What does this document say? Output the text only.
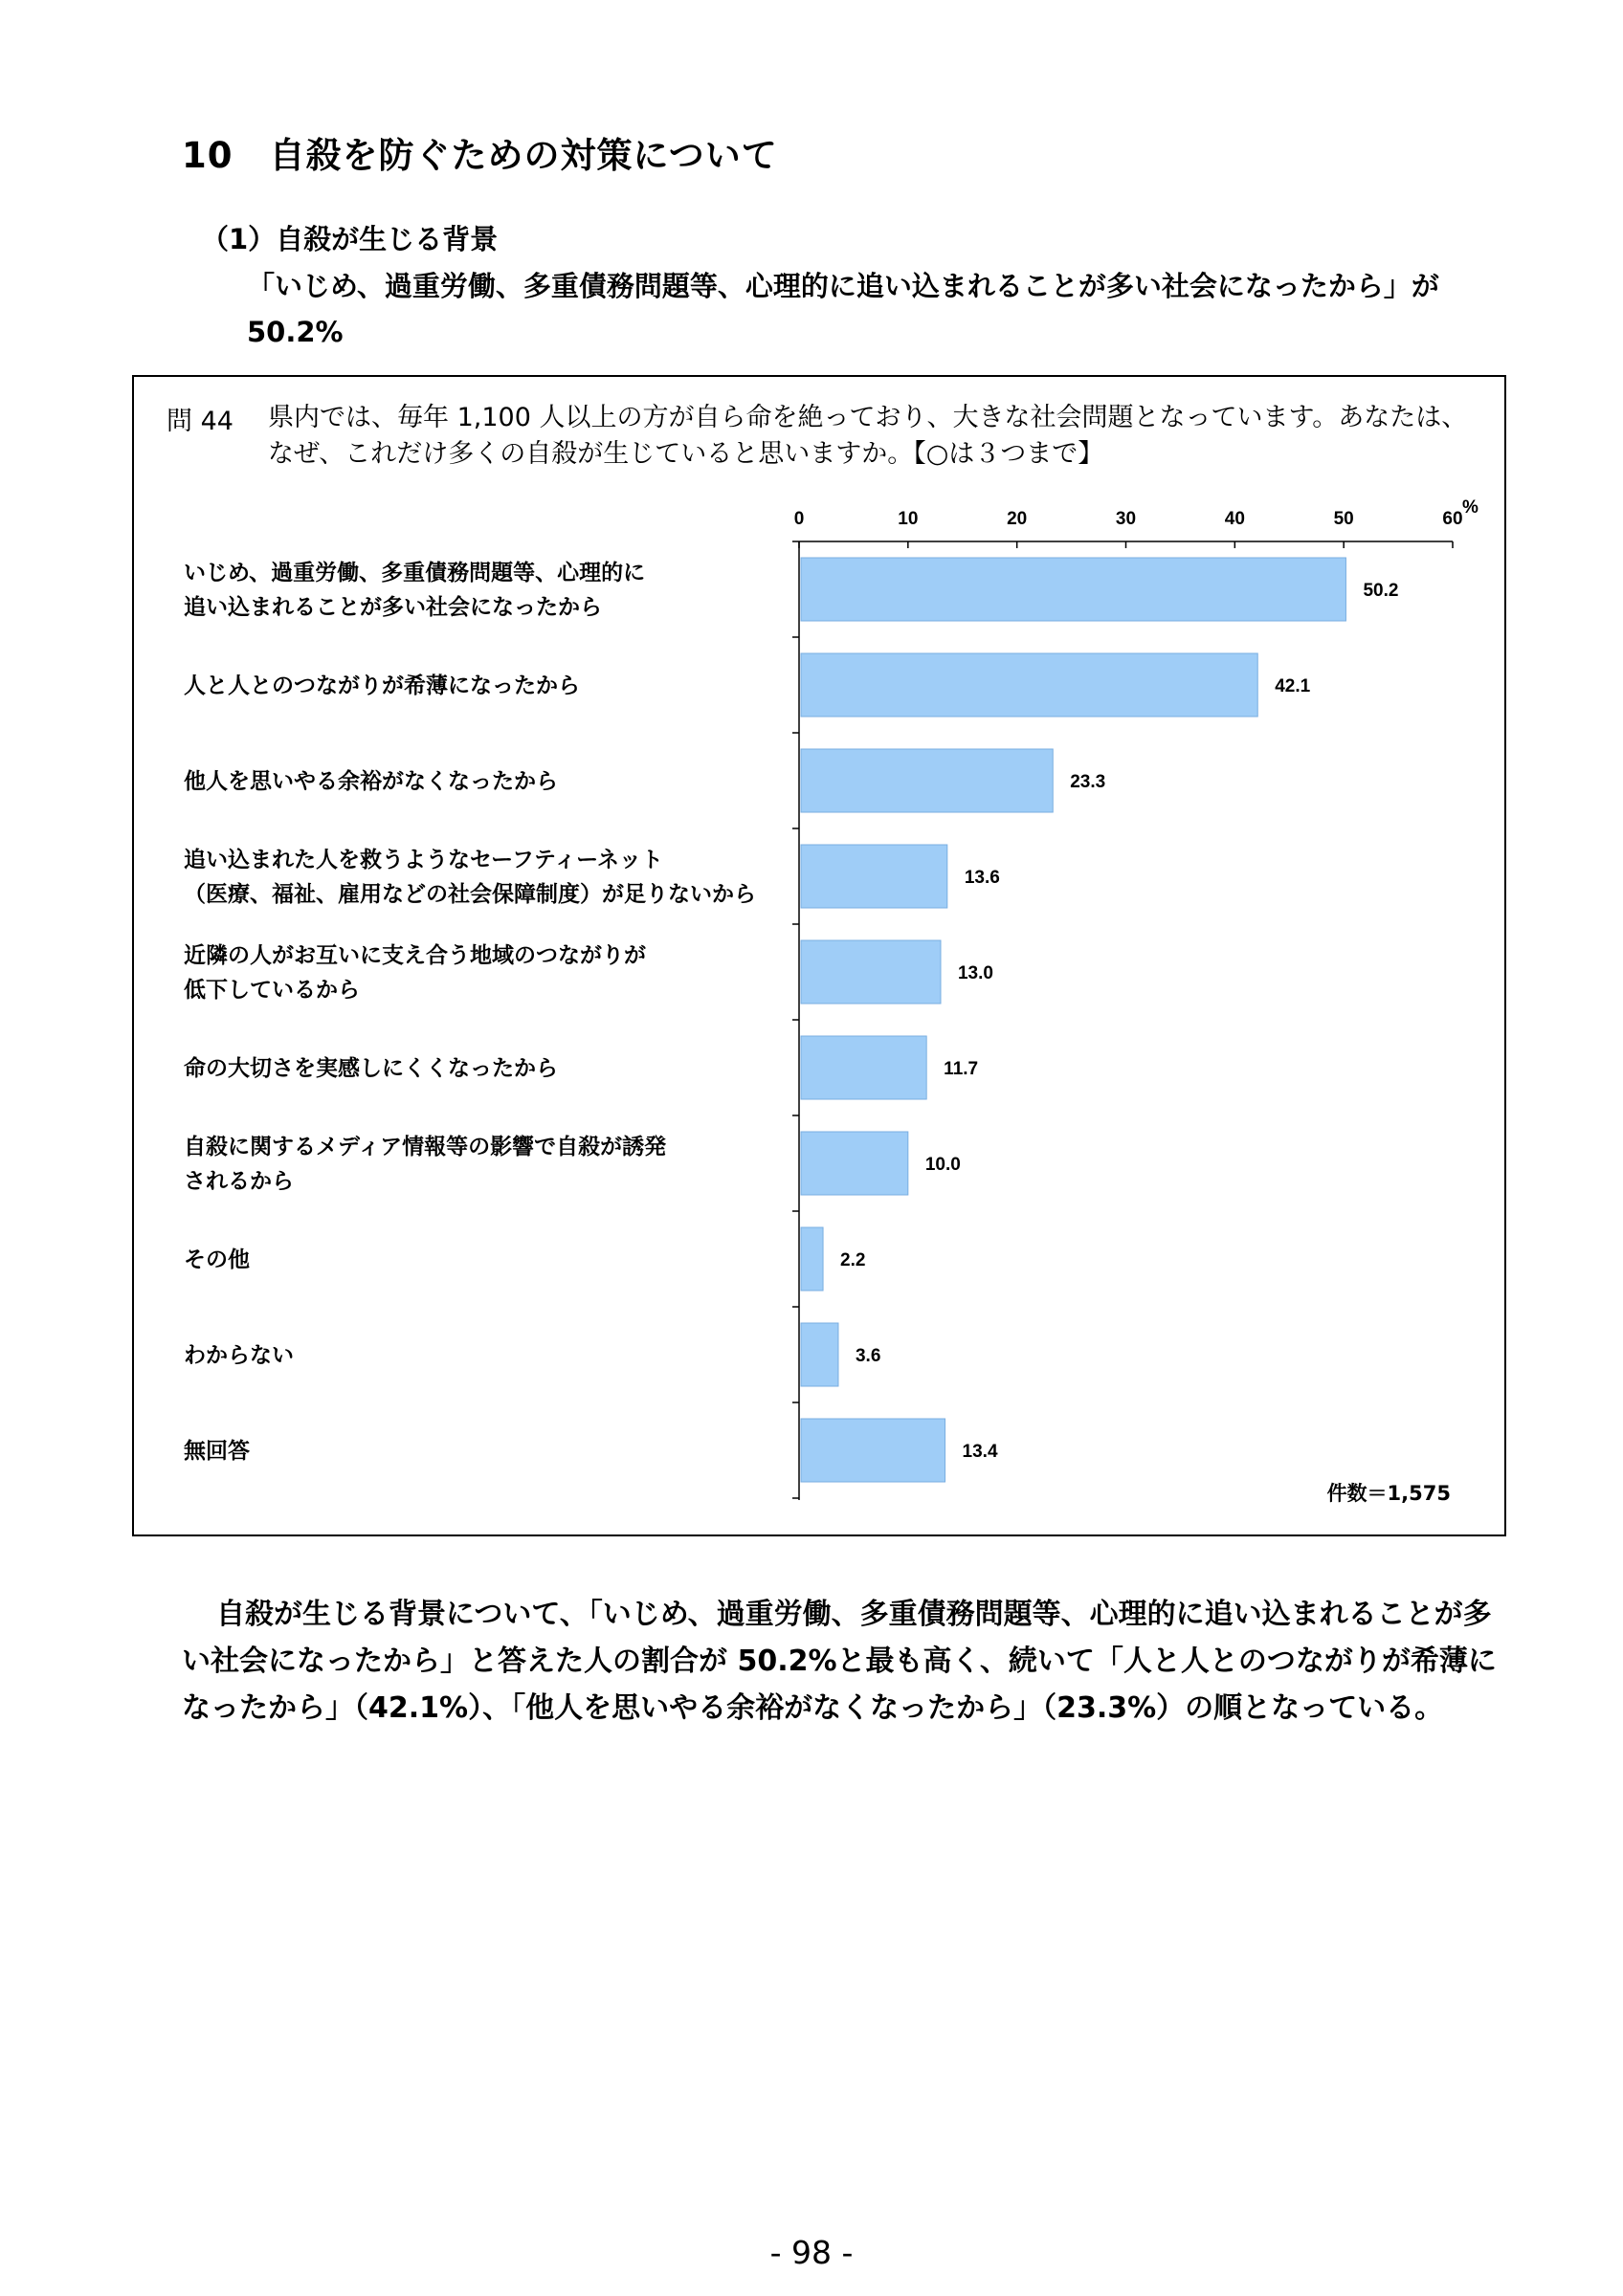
10　自殺を防ぐための対策について
（1）自殺が生じる背景
「いじめ、過重労働、多重債務問題等、心理的に追い込まれることが多い社会になったから」が 50.2%
問 44 県内では、毎年 1,100 人以上の方が自ら命を絶っており、大きな社会問題となっています。あなたは、なぜ、これだけ多くの自殺が生じていると思いますか。【○は３つまで】
0	10	20	30	40	50	60
%
50.2
いじめ、過重労働、多重債務問題等、心理的に
追い込まれることが多い社会になったから
42.1
人と人とのつながりが希薄になったから
23.3
他人を思いやる余裕がなくなったから
13.6
追い込まれた人を救うようなセーフティーネット
（医療、福祉、雇用などの社会保障制度）が足りないから
13.0
近隣の人がお互いに支え合う地域のつながりが
低下しているから
11.7
命の大切さを実感しにくくなったから
10.0
自殺に関するメディア情報等の影響で自殺が誘発
されるから
2.2
その他
3.6
わからない
13.4
無回答
件数＝1,575
自殺が生じる背景について、「いじめ、過重労働、多重債務問題等、心理的に追い込まれることが多い社会になったから」と答えた人の割合が 50.2%と最も高く、続いて「人と人とのつながりが希薄になったから」（42.1%）、「他人を思いやる余裕がなくなったから」（23.3%）の順となっている。
- 98 -
